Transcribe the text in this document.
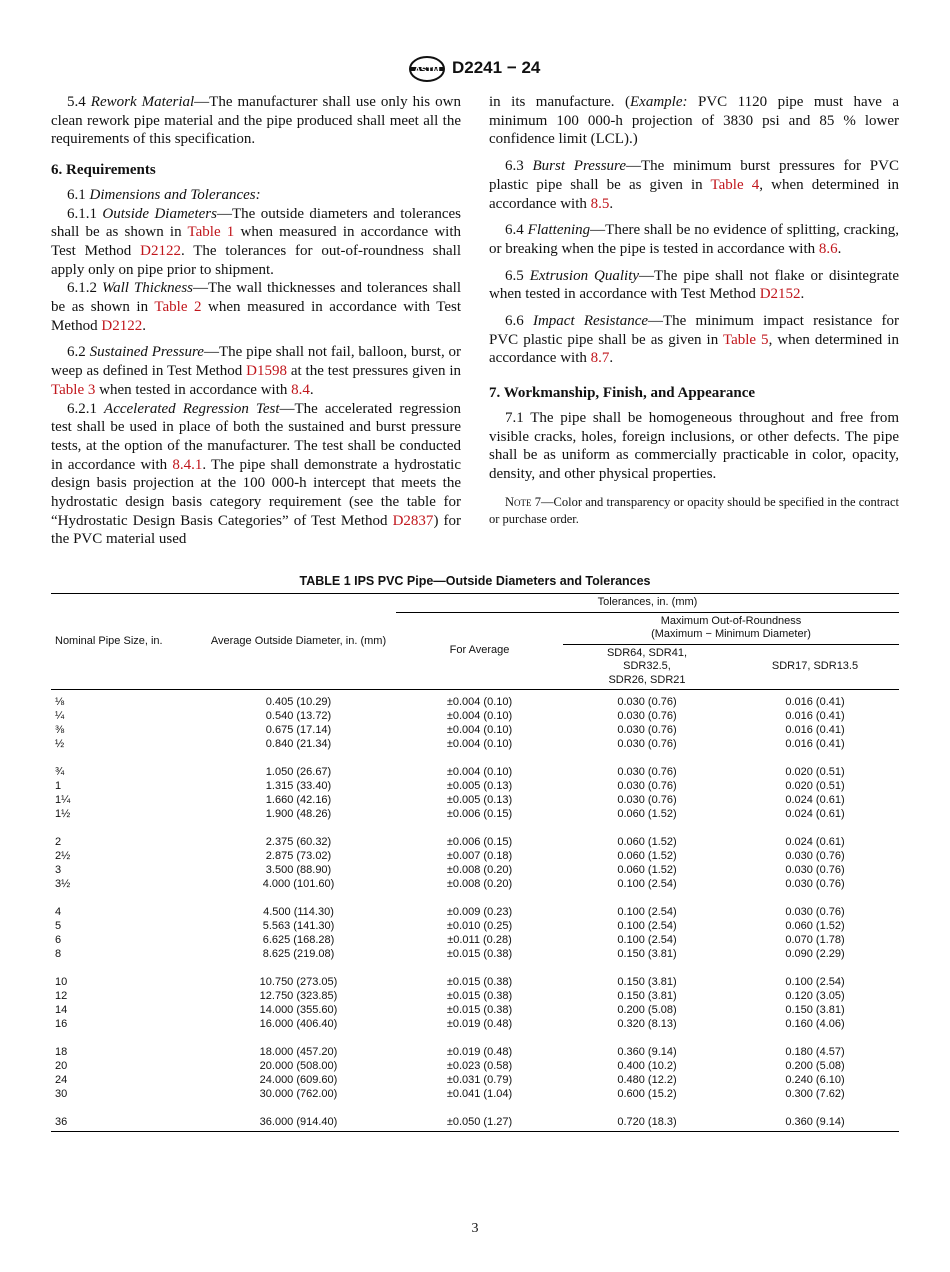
ASTM D2241 − 24

5.4 Rework Material—The manufacturer shall use only his own clean rework pipe material and the pipe produced shall meet all the requirements of this specification.

6. Requirements

6.1 Dimensions and Tolerances:

6.1.1 Outside Diameters—The outside diameters and tolerances shall be as shown in Table 1 when measured in accordance with Test Method D2122. The tolerances for out-of-roundness shall apply only on pipe prior to shipment.

6.1.2 Wall Thickness—The wall thicknesses and tolerances shall be as shown in Table 2 when measured in accordance with Test Method D2122.

6.2 Sustained Pressure—The pipe shall not fail, balloon, burst, or weep as defined in Test Method D1598 at the test pressures given in Table 3 when tested in accordance with 8.4.

6.2.1 Accelerated Regression Test—The accelerated regression test shall be used in place of both the sustained and burst pressure tests, at the option of the manufacturer. The test shall be conducted in accordance with 8.4.1. The pipe shall demonstrate a hydrostatic design basis projection at the 100 000-h intercept that meets the hydrostatic design basis category requirement (see the table for “Hydrostatic Design Basis Categories” of Test Method D2837) for the PVC material used

in its manufacture. (Example: PVC 1120 pipe must have a minimum 100 000-h projection of 3830 psi and 85 % lower confidence limit (LCL).)

6.3 Burst Pressure—The minimum burst pressures for PVC plastic pipe shall be as given in Table 4, when determined in accordance with 8.5.

6.4 Flattening—There shall be no evidence of splitting, cracking, or breaking when the pipe is tested in accordance with 8.6.

6.5 Extrusion Quality—The pipe shall not flake or disintegrate when tested in accordance with Test Method D2152.

6.6 Impact Resistance—The minimum impact resistance for PVC plastic pipe shall be as given in Table 5, when determined in accordance with 8.7.

7. Workmanship, Finish, and Appearance

7.1 The pipe shall be homogeneous throughout and free from visible cracks, holes, foreign inclusions, or other defects. The pipe shall be as uniform as commercially practicable in color, opacity, density, and other physical properties.

Note 7—Color and transparency or opacity should be specified in the contract or purchase order.

TABLE 1 IPS PVC Pipe—Outside Diameters and Tolerances
Nominal Pipe Size, in.	Average Outside Diameter, in. (mm)	Tolerances, in. (mm)		
		For Average	Maximum Out-of-Roundness
(Maximum − Minimum Diameter)	

			SDR64, SDR41, SDR32.5, SDR26, SDR21	SDR17, SDR13.5
⅛	0.405 (10.29)	±0.004 (0.10)	0.030 (0.76)	0.016 (0.41)
¼	0.540 (13.72)	±0.004 (0.10)	0.030 (0.76)	0.016 (0.41)
⅜	0.675 (17.14)	±0.004 (0.10)	0.030 (0.76)	0.016 (0.41)
½	0.840 (21.34)	±0.004 (0.10)	0.030 (0.76)	0.016 (0.41)
¾	1.050 (26.67)	±0.004 (0.10)	0.030 (0.76)	0.020 (0.51)
1	1.315 (33.40)	±0.005 (0.13)	0.030 (0.76)	0.020 (0.51)
1¼	1.660 (42.16)	±0.005 (0.13)	0.030 (0.76)	0.024 (0.61)
1½	1.900 (48.26)	±0.006 (0.15)	0.060 (1.52)	0.024 (0.61)
2	2.375 (60.32)	±0.006 (0.15)	0.060 (1.52)	0.024 (0.61)
2½	2.875 (73.02)	±0.007 (0.18)	0.060 (1.52)	0.030 (0.76)
3	3.500 (88.90)	±0.008 (0.20)	0.060 (1.52)	0.030 (0.76)
3½	4.000 (101.60)	±0.008 (0.20)	0.100 (2.54)	0.030 (0.76)
4	4.500 (114.30)	±0.009 (0.23)	0.100 (2.54)	0.030 (0.76)
5	5.563 (141.30)	±0.010 (0.25)	0.100 (2.54)	0.060 (1.52)
6	6.625 (168.28)	±0.011 (0.28)	0.100 (2.54)	0.070 (1.78)
8	8.625 (219.08)	±0.015 (0.38)	0.150 (3.81)	0.090 (2.29)
10	10.750 (273.05)	±0.015 (0.38)	0.150 (3.81)	0.100 (2.54)
12	12.750 (323.85)	±0.015 (0.38)	0.150 (3.81)	0.120 (3.05)
14	14.000 (355.60)	±0.015 (0.38)	0.200 (5.08)	0.150 (3.81)
16	16.000 (406.40)	±0.019 (0.48)	0.320 (8.13)	0.160 (4.06)
18	18.000 (457.20)	±0.019 (0.48)	0.360 (9.14)	0.180 (4.57)
20	20.000 (508.00)	±0.023 (0.58)	0.400 (10.2)	0.200 (5.08)
24	24.000 (609.60)	±0.031 (0.79)	0.480 (12.2)	0.240 (6.10)
30	30.000 (762.00)	±0.041 (1.04)	0.600 (15.2)	0.300 (7.62)
36	36.000 (914.40)	±0.050 (1.27)	0.720 (18.3)	0.360 (9.14)
3
